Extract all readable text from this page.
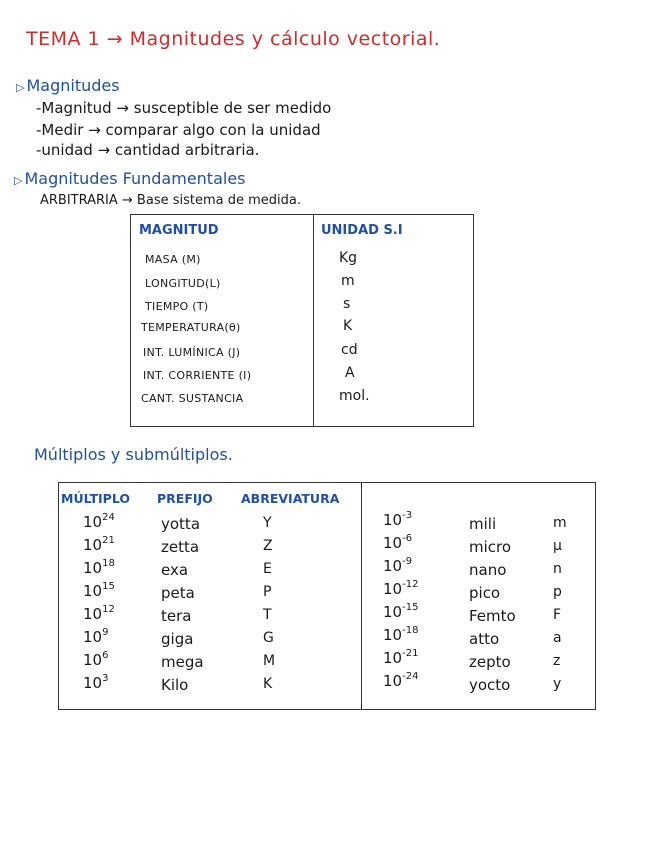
TEMA 1 → Magnitudes y cálculo vectorial.
▷ Magnitudes
-Magnitud → susceptible de ser medido
-Medir → comparar algo con la unidad
-unidad → cantidad arbitraria.
▷ Magnitudes Fundamentales
ARBITRARIA → Base sistema de medida.
MAGNITUD	UNIDAD S.I
MASA (M)	Kg
LONGITUD(L)	m
TIEMPO (T)	s
TEMPERATURA(θ)	K
INT. LUMÍNICA (J)	cd
INT. CORRIENTE (I)	A
CANT. SUSTANCIA	mol.
Múltiplos y submúltiplos.
MÚLTIPLO PREFIJO ABREVIATURA
$10^{24}$	yotta	Y
$10^{21}$	zetta	Z
$10^{18}$	exa	E
$10^{15}$	peta	P
$10^{12}$	tera	T
$10^9$	giga	G
$10^6$	mega	M
$10^3$	Kilo	K
$10^{-3}$	mili	m
$10^{-6}$	micro	μ
$10^{-9}$	nano	n
$10^{-12}$	pico	p
$10^{-15}$	Femto	F
$10^{-18}$	atto	a
$10^{-21}$	zepto	z
$10^{-24}$	yocto	y
